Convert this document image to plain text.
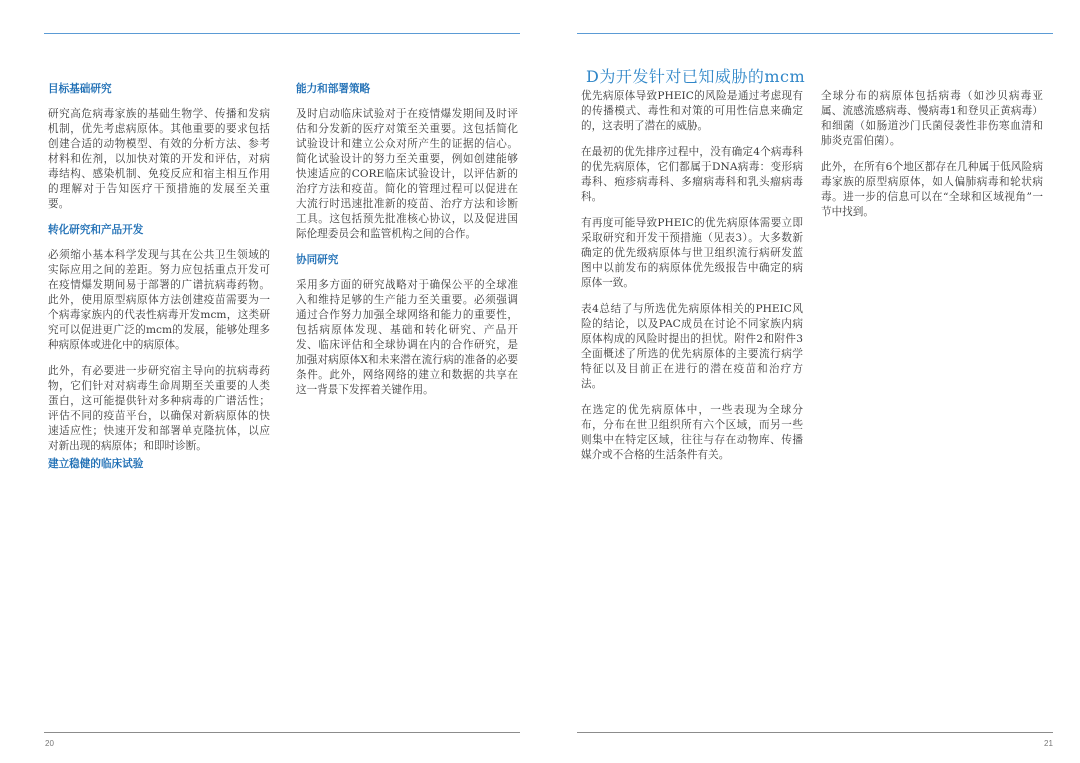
目标基础研究

研究高危病毒家族的基础生物学、传播和发病机制，优先考虑病原体。其他重要的要求包括创建合适的动物模型、有效的分析方法、参考材料和佐剂，以加快对策的开发和评估，对病毒结构、感染机制、免疫反应和宿主相互作用的理解对于告知医疗干预措施的发展至关重要。

转化研究和产品开发

必须缩小基本科学发现与其在公共卫生领域的实际应用之间的差距。努力应包括重点开发可在疫情爆发期间易于部署的广谱抗病毒药物。此外，使用原型病原体方法创建疫苗需要为一个病毒家族内的代表性病毒开发mcm，这类研究可以促进更广泛的mcm的发展，能够处理多种病原体或进化中的病原体。

此外，有必要进一步研究宿主导向的抗病毒药物，它们针对对病毒生命周期至关重要的人类蛋白，这可能提供针对多种病毒的广谱活性；评估不同的疫苗平台，以确保对新病原体的快速适应性；快速开发和部署单克隆抗体，以应对新出现的病原体；和即时诊断。

建立稳健的临床试验
能力和部署策略

及时启动临床试验对于在疫情爆发期间及时评估和分发新的医疗对策至关重要。这包括简化试验设计和建立公众对所产生的证据的信心。简化试验设计的努力至关重要，例如创建能够快速适应的CORE临床试验设计，以评估新的治疗方法和疫苗。简化的管理过程可以促进在大流行时迅速批准新的疫苗、治疗方法和诊断工具。这包括预先批准核心协议，以及促进国际伦理委员会和监管机构之间的合作。

协同研究

采用多方面的研究战略对于确保公平的全球准入和维持足够的生产能力至关重要。必须强调通过合作努力加强全球网络和能力的重要性，包括病原体发现、基础和转化研究、产品开发、临床评估和全球协调在内的合作研究，是加强对病原体X和未来潜在流行病的准备的必要条件。此外，网络网络的建立和数据的共享在这一背景下发挥着关键作用。

20
D为开发针对已知威胁的mcm

优先病原体导致PHEIC的风险是通过考虑现有的传播模式、毒性和对策的可用性信息来确定的，这表明了潜在的威胁。

在最初的优先排序过程中，没有确定4个病毒科的优先病原体，它们都属于DNA病毒：变形病毒科、疱疹病毒科、多瘤病毒科和乳头瘤病毒科。

有再度可能导致PHEIC的优先病原体需要立即采取研究和开发干预措施（见表3）。大多数新确定的优先级病原体与世卫组织流行病研发蓝图中以前发布的病原体优先级报告中确定的病原体一致。

表4总结了与所选优先病原体相关的PHEIC风险的结论，以及PAC成员在讨论不同家族内病原体构成的风险时提出的担忧。附件2和附件3全面概述了所选的优先病原体的主要流行病学特征以及目前正在进行的潜在疫苗和治疗方法。

在选定的优先病原体中，一些表现为全球分布，分布在世卫组织所有六个区域，而另一些则集中在特定区域，往往与存在动物库、传播媒介或不合格的生活条件有关。

全球分布的病原体包括病毒（如沙贝病毒亚属、流感流感病毒、慢病毒1和登贝正黄病毒）和细菌（如肠道沙门氏菌侵袭性非伤寒血清和肺炎克雷伯菌）。

此外，在所有6个地区都存在几种属于低风险病毒家族的原型病原体，如人偏肺病毒和轮状病毒。进一步的信息可以在“全球和区域视角”一节中找到。

21
